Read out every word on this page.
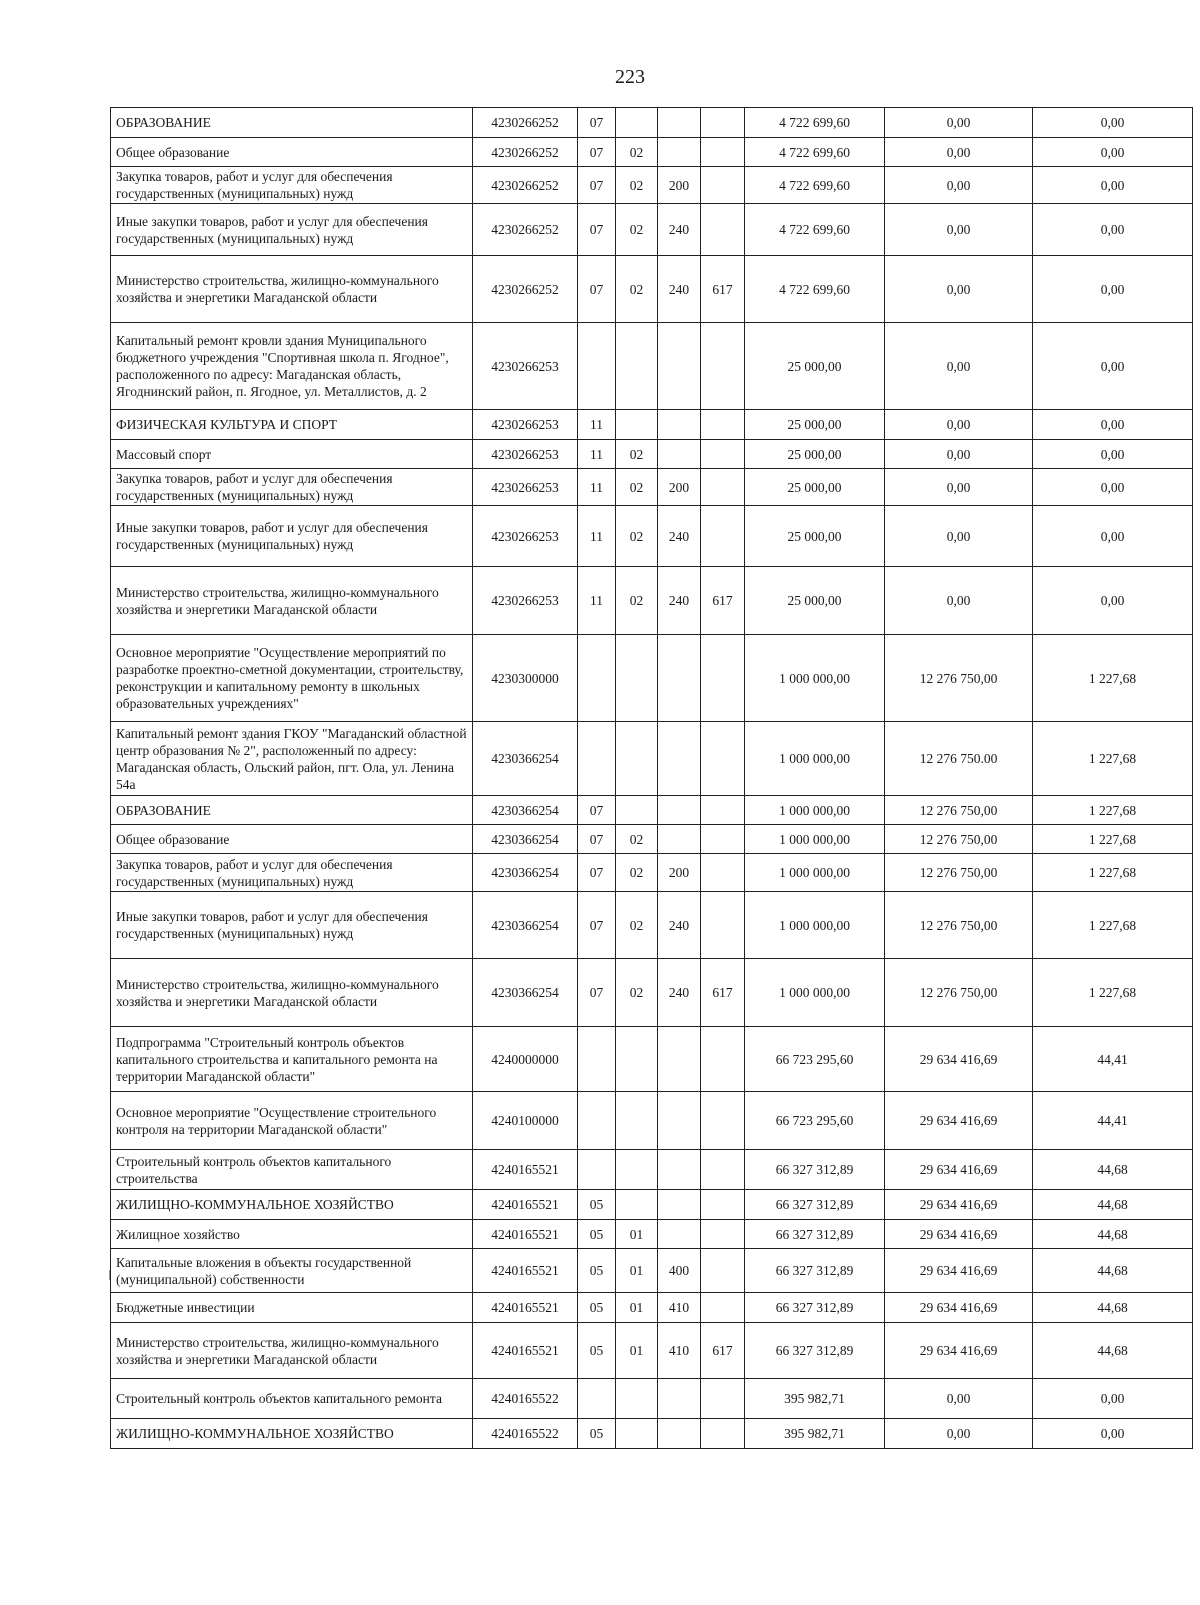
223
ОБРАЗОВАНИЕ	4230266252	07				4 722 699,60	0,00	0,00
Общее образование	4230266252	07	02			4 722 699,60	0,00	0,00
Закупка товаров, работ и услуг для обеспечения государственных (муниципальных) нужд	4230266252	07	02	200		4 722 699,60	0,00	0,00
Иные закупки товаров, работ и услуг для обеспечения государственных (муниципальных) нужд	4230266252	07	02	240		4 722 699,60	0,00	0,00
Министерство строительства, жилищно-коммунального хозяйства и энергетики Магаданской области	4230266252	07	02	240	617	4 722 699,60	0,00	0,00
Капитальный ремонт кровли здания Муниципального бюджетного учреждения "Спортивная школа п. Ягодное", расположенного по адресу: Магаданская область, Ягоднинский район, п. Ягодное, ул. Металлистов, д. 2	4230266253					25 000,00	0,00	0,00
ФИЗИЧЕСКАЯ КУЛЬТУРА И СПОРТ	4230266253	11				25 000,00	0,00	0,00
Массовый спорт	4230266253	11	02			25 000,00	0,00	0,00
Закупка товаров, работ и услуг для обеспечения государственных (муниципальных) нужд	4230266253	11	02	200		25 000,00	0,00	0,00
Иные закупки товаров, работ и услуг для обеспечения государственных (муниципальных) нужд	4230266253	11	02	240		25 000,00	0,00	0,00
Министерство строительства, жилищно-коммунального хозяйства и энергетики Магаданской области	4230266253	11	02	240	617	25 000,00	0,00	0,00
Основное мероприятие "Осуществление мероприятий по разработке проектно-сметной документации, строительству, реконструкции и капитальному ремонту в школьных образовательных учреждениях"	4230300000					1 000 000,00	12 276 750,00	1 227,68
Капитальный ремонт здания ГКОУ "Магаданский областной центр образования № 2", расположенный по адресу: Магаданская область, Ольский район, пгт. Ола, ул. Ленина 54а	4230366254					1 000 000,00	12 276 750.00	1 227,68
ОБРАЗОВАНИЕ	4230366254	07				1 000 000,00	12 276 750,00	1 227,68
Общее образование	4230366254	07	02			1 000 000,00	12 276 750,00	1 227,68
Закупка товаров, работ и услуг для обеспечения государственных (муниципальных) нужд	4230366254	07	02	200		1 000 000,00	12 276 750,00	1 227,68
Иные закупки товаров, работ и услуг для обеспечения государственных (муниципальных) нужд	4230366254	07	02	240		1 000 000,00	12 276 750,00	1 227,68
Министерство строительства, жилищно-коммунального хозяйства и энергетики Магаданской области	4230366254	07	02	240	617	1 000 000,00	12 276 750,00	1 227,68
Подпрограмма "Строительный контроль объектов капитального строительства и капитального ремонта на территории Магаданской области"	4240000000					66 723 295,60	29 634 416,69	44,41
Основное мероприятие "Осуществление строительного контроля на территории Магаданской области"	4240100000					66 723 295,60	29 634 416,69	44,41
Строительный контроль объектов капитального строительства	4240165521					66 327 312,89	29 634 416,69	44,68
ЖИЛИЩНО-КОММУНАЛЬНОЕ ХОЗЯЙСТВО	4240165521	05				66 327 312,89	29 634 416,69	44,68
Жилищное хозяйство	4240165521	05	01			66 327 312,89	29 634 416,69	44,68
Капитальные вложения в объекты государственной (муниципальной) собственности	4240165521	05	01	400		66 327 312,89	29 634 416,69	44,68
Бюджетные инвестиции	4240165521	05	01	410		66 327 312,89	29 634 416,69	44,68
Министерство строительства, жилищно-коммунального хозяйства и энергетики Магаданской области	4240165521	05	01	410	617	66 327 312,89	29 634 416,69	44,68
Строительный контроль объектов капитального ремонта	4240165522					395 982,71	0,00	0,00
ЖИЛИЩНО-КОММУНАЛЬНОЕ ХОЗЯЙСТВО	4240165522	05				395 982,71	0,00	0,00
